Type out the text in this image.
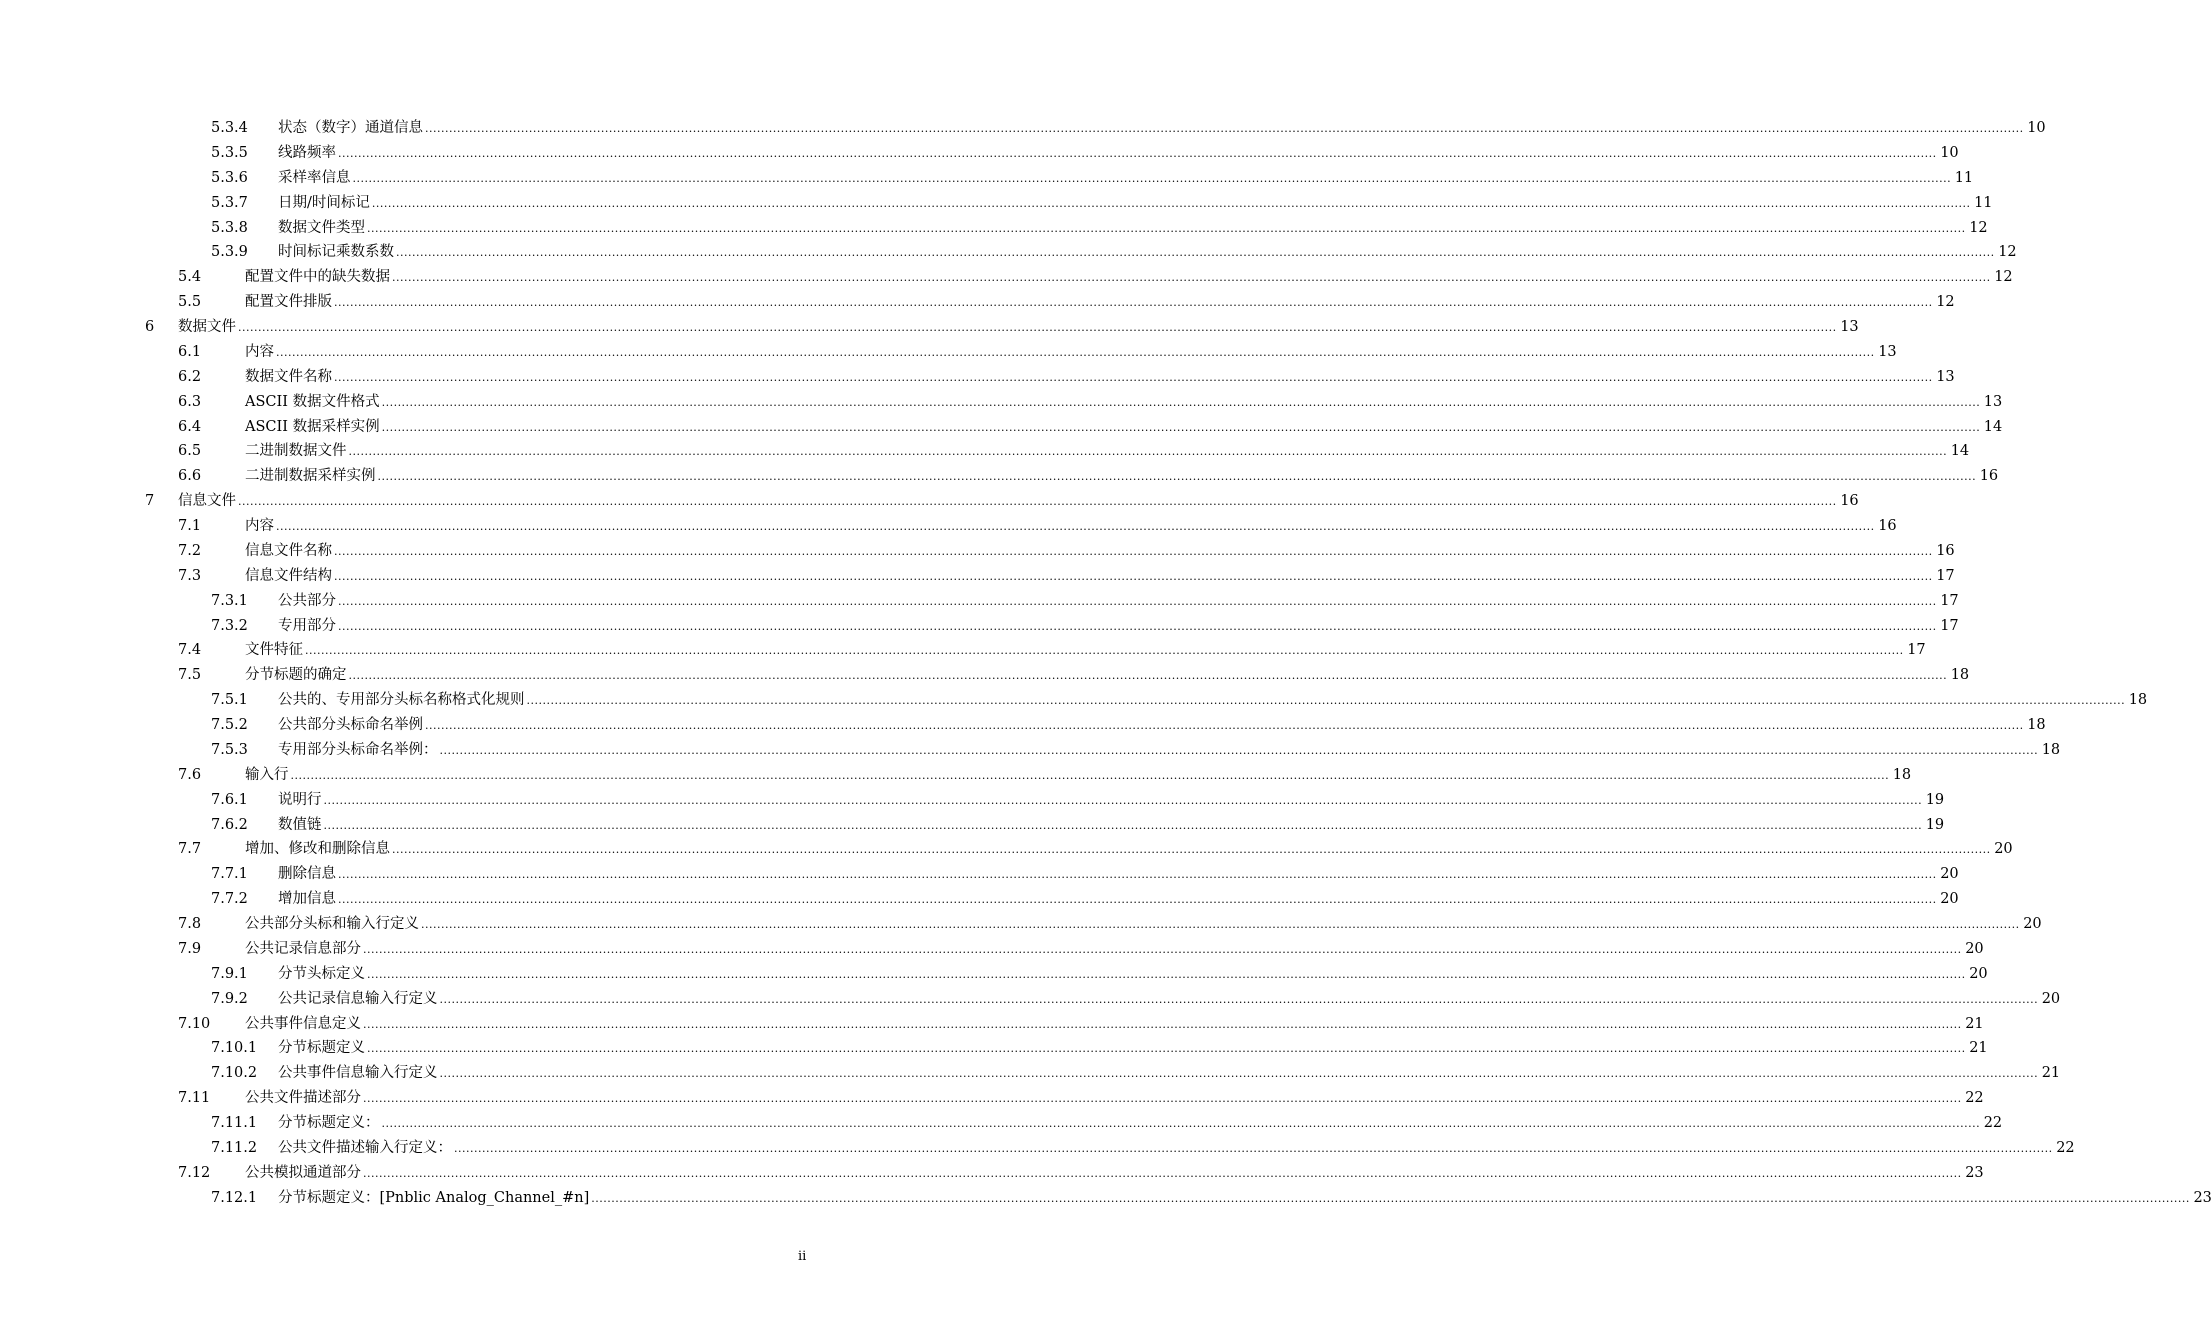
5.3.4 状态（数字）通道信息 ................................................................................................................................................................................................................................................................................................................................................................................................................ 10
5.3.5 线路频率 ................................................................................................................................................................................................................................................................................................................................................................................................................ 10
5.3.6 采样率信息 ................................................................................................................................................................................................................................................................................................................................................................................................................ 11
5.3.7 日期/时间标记 ................................................................................................................................................................................................................................................................................................................................................................................................................ 11
5.3.8 数据文件类型 ................................................................................................................................................................................................................................................................................................................................................................................................................ 12
5.3.9 时间标记乘数系数 ................................................................................................................................................................................................................................................................................................................................................................................................................ 12
5.4	配置文件中的缺失数据 ................................................................................................................................................................................................................................................................................................................................................................................................................ 12
5.5	配置文件排版 ................................................................................................................................................................................................................................................................................................................................................................................................................ 12
6 数据文件 ................................................................................................................................................................................................................................................................................................................................................................................................................ 13
6.1	内容 ................................................................................................................................................................................................................................................................................................................................................................................................................ 13
6.2	数据文件名称 ................................................................................................................................................................................................................................................................................................................................................................................................................ 13
6.3	ASCII 数据文件格式 ................................................................................................................................................................................................................................................................................................................................................................................................................ 13
6.4	ASCII 数据采样实例 ................................................................................................................................................................................................................................................................................................................................................................................................................ 14
6.5	二进制数据文件 ................................................................................................................................................................................................................................................................................................................................................................................................................ 14
6.6	二进制数据采样实例 ................................................................................................................................................................................................................................................................................................................................................................................................................ 16
7 信息文件 ................................................................................................................................................................................................................................................................................................................................................................................................................ 16
7.1	内容 ................................................................................................................................................................................................................................................................................................................................................................................................................ 16
7.2	信息文件名称 ................................................................................................................................................................................................................................................................................................................................................................................................................ 16
7.3	信息文件结构 ................................................................................................................................................................................................................................................................................................................................................................................................................ 17
7.3.1 公共部分 ................................................................................................................................................................................................................................................................................................................................................................................................................ 17
7.3.2 专用部分 ................................................................................................................................................................................................................................................................................................................................................................................................................ 17
7.4	文件特征 ................................................................................................................................................................................................................................................................................................................................................................................................................ 17
7.5	分节标题的确定 ................................................................................................................................................................................................................................................................................................................................................................................................................ 18
7.5.1 公共的、专用部分头标名称格式化规则 ................................................................................................................................................................................................................................................................................................................................................................................................................ 18
7.5.2 公共部分头标命名举例 ................................................................................................................................................................................................................................................................................................................................................................................................................ 18
7.5.3 专用部分头标命名举例： ................................................................................................................................................................................................................................................................................................................................................................................................................ 18
7.6	输入行 ................................................................................................................................................................................................................................................................................................................................................................................................................ 18
7.6.1 说明行 ................................................................................................................................................................................................................................................................................................................................................................................................................ 19
7.6.2 数值链 ................................................................................................................................................................................................................................................................................................................................................................................................................ 19
7.7	增加、修改和删除信息 ................................................................................................................................................................................................................................................................................................................................................................................................................ 20
7.7.1 删除信息 ................................................................................................................................................................................................................................................................................................................................................................................................................ 20
7.7.2 增加信息 ................................................................................................................................................................................................................................................................................................................................................................................................................ 20
7.8	公共部分头标和输入行定义 ................................................................................................................................................................................................................................................................................................................................................................................................................ 20
7.9	公共记录信息部分 ................................................................................................................................................................................................................................................................................................................................................................................................................ 20
7.9.1 分节头标定义 ................................................................................................................................................................................................................................................................................................................................................................................................................ 20
7.9.2 公共记录信息输入行定义 ................................................................................................................................................................................................................................................................................................................................................................................................................ 20
7.10 公共事件信息定义 ................................................................................................................................................................................................................................................................................................................................................................................................................ 21
7.10.1 分节标题定义 ................................................................................................................................................................................................................................................................................................................................................................................................................ 21
7.10.2 公共事件信息输入行定义 ................................................................................................................................................................................................................................................................................................................................................................................................................ 21
7.11 公共文件描述部分 ................................................................................................................................................................................................................................................................................................................................................................................................................ 22
7.11.1 分节标题定义： ................................................................................................................................................................................................................................................................................................................................................................................................................ 22
7.11.2 公共文件描述输入行定义： ................................................................................................................................................................................................................................................................................................................................................................................................................ 22
7.12 公共模拟通道部分 ................................................................................................................................................................................................................................................................................................................................................................................................................ 23
7.12.1 分节标题定义：[Pnblic Analog_Channel_#n] ................................................................................................................................................................................................................................................................................................................................................................................................................ 23
ii
